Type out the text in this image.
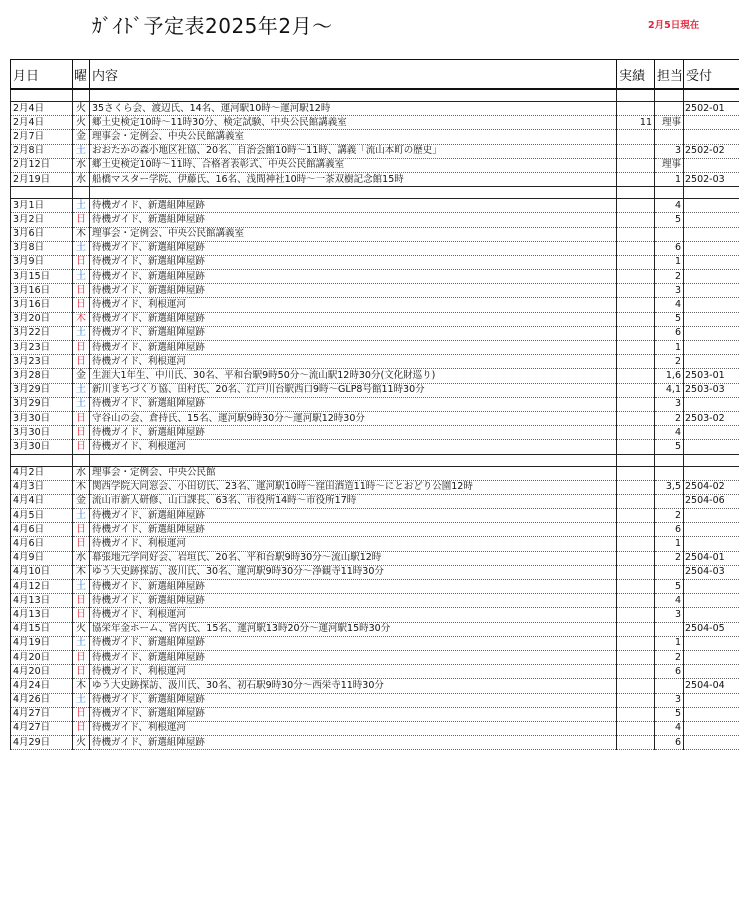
ｶﾞｲﾄﾞ予定表2025年2月～	2月5日現在
月日	曜	内容	実績	担当	受付

2月4日	火	35さくら会、渡辺氏、14名、運河駅10時～運河駅12時			2502-01
2月4日	火	郷土史検定10時～11時30分、検定試験、中央公民館講義室	11	理事	
2月7日	金	理事会・定例会、中央公民館講義室			
2月8日	土	おおたかの森小地区社協、20名、自治会館10時～11時、講義「流山本町の歴史」		3	2502-02
2月12日	水	郷土史検定10時～11時、合格者表彰式、中央公民館講義室		理事	
2月19日	水	船橋マスター学院、伊藤氏、16名、浅間神社10時～一茶双樹記念館15時		1	2502-03

3月1日	土	待機ガイド、新選組陣屋跡		4	
3月2日	日	待機ガイド、新選組陣屋跡		5	
3月6日	木	理事会・定例会、中央公民館講義室			
3月8日	土	待機ガイド、新選組陣屋跡		6	
3月9日	日	待機ガイド、新選組陣屋跡		1	
3月15日	土	待機ガイド、新選組陣屋跡		2	
3月16日	日	待機ガイド、新選組陣屋跡		3	
3月16日	日	待機ガイド、利根運河		4	
3月20日	木	待機ガイド、新選組陣屋跡		5	
3月22日	土	待機ガイド、新選組陣屋跡		6	
3月23日	日	待機ガイド、新選組陣屋跡		1	
3月23日	日	待機ガイド、利根運河		2	
3月28日	金	生涯大1年生、中川氏、30名、平和台駅9時50分～流山駅12時30分(文化財巡り)		1,6	2503-01
3月29日	土	新川まちづくり協、田村氏、20名、江戸川台駅西口9時～GLP8号館11時30分		4,1	2503-03
3月29日	土	待機ガイド、新選組陣屋跡		3	
3月30日	日	守谷山の会、倉持氏、15名、運河駅9時30分～運河駅12時30分		2	2503-02
3月30日	日	待機ガイド、新選組陣屋跡		4	
3月30日	日	待機ガイド、利根運河		5	

4月2日	水	理事会・定例会、中央公民館			
4月3日	木	関西学院大同窓会、小田切氏、23名、運河駅10時～窪田酒造11時～にとおどり公園12時		3,5	2504-02
4月4日	金	流山市新人研修、山口課長、63名、市役所14時～市役所17時			2504-06
4月5日	土	待機ガイド、新選組陣屋跡		2	
4月6日	日	待機ガイド、新選組陣屋跡		6	
4月6日	日	待機ガイド、利根運河		1	
4月9日	水	幕張地元学同好会、岩垣氏、20名、平和台駅9時30分～流山駅12時		2	2504-01
4月10日	木	ゆう大史跡探訪、汲川氏、30名、運河駅9時30分～浄観寺11時30分			2504-03
4月12日	土	待機ガイド、新選組陣屋跡		5	
4月13日	日	待機ガイド、新選組陣屋跡		4	
4月13日	日	待機ガイド、利根運河		3	
4月15日	火	協栄年金ホーム、宮内氏、15名、運河駅13時20分～運河駅15時30分			2504-05
4月19日	土	待機ガイド、新選組陣屋跡		1	
4月20日	日	待機ガイド、新選組陣屋跡		2	
4月20日	日	待機ガイド、利根運河		6	
4月24日	木	ゆう大史跡探訪、汲川氏、30名、初石駅9時30分～西栄寺11時30分			2504-04
4月26日	土	待機ガイド、新選組陣屋跡		3	
4月27日	日	待機ガイド、新選組陣屋跡		5	
4月27日	日	待機ガイド、利根運河		4	
4月29日	火	待機ガイド、新選組陣屋跡		6	
